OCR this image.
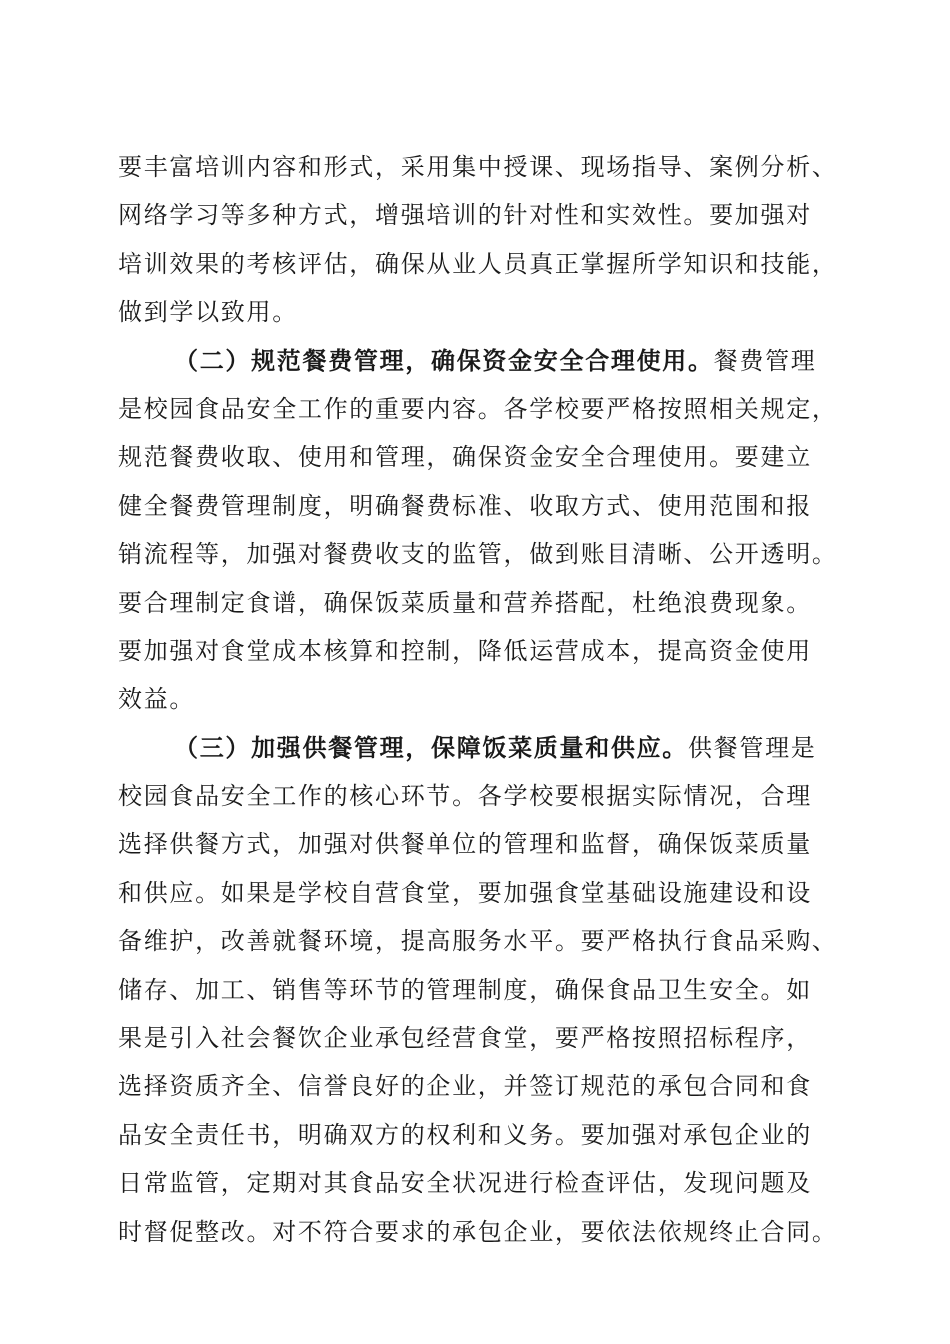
要丰富培训内容和形式，采用集中授课、现场指导、案例分析、
网络学习等多种方式，增强培训的针对性和实效性。要加强对
培训效果的考核评估，确保从业人员真正掌握所学知识和技能，
做到学以致用。
（二）规范餐费管理，确保资金安全合理使用。餐费管理
是校园食品安全工作的重要内容。各学校要严格按照相关规定，
规范餐费收取、使用和管理，确保资金安全合理使用。要建立
健全餐费管理制度，明确餐费标准、收取方式、使用范围和报
销流程等，加强对餐费收支的监管，做到账目清晰、公开透明。
要合理制定食谱，确保饭菜质量和营养搭配，杜绝浪费现象。
要加强对食堂成本核算和控制，降低运营成本，提高资金使用
效益。
（三）加强供餐管理，保障饭菜质量和供应。供餐管理是
校园食品安全工作的核心环节。各学校要根据实际情况，合理
选择供餐方式，加强对供餐单位的管理和监督，确保饭菜质量
和供应。如果是学校自营食堂，要加强食堂基础设施建设和设
备维护，改善就餐环境，提高服务水平。要严格执行食品采购、
储存、加工、销售等环节的管理制度，确保食品卫生安全。如
果是引入社会餐饮企业承包经营食堂，要严格按照招标程序，
选择资质齐全、信誉良好的企业，并签订规范的承包合同和食
品安全责任书，明确双方的权利和义务。要加强对承包企业的
日常监管，定期对其食品安全状况进行检查评估，发现问题及
时督促整改。对不符合要求的承包企业，要依法依规终止合同。
